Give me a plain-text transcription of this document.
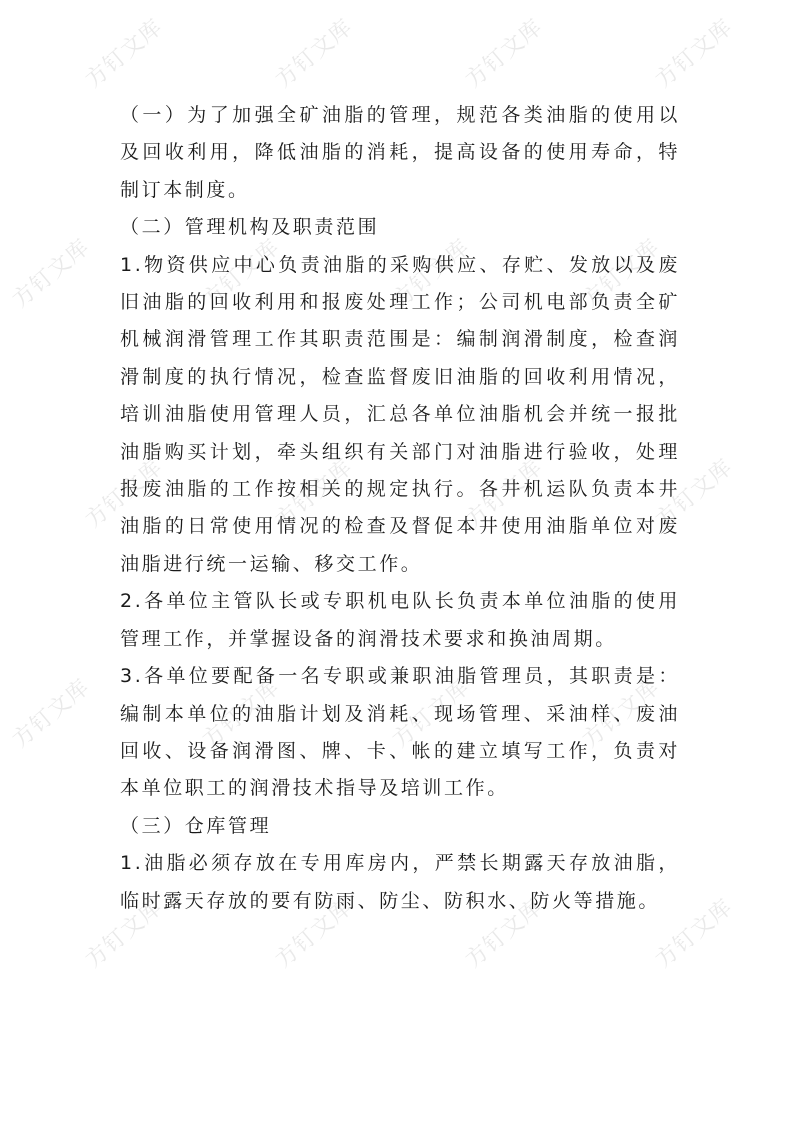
方钉文库	方钉文库	方钉文库	方钉文库
方钉文库	方钉文库	方钉文库	方钉文库
方钉文库	方钉文库	方钉文库	方钉文库
方钉文库	方钉文库	方钉文库	方钉文库
方钉文库	方钉文库	方钉文库	方钉文库

（一）为了加强全矿油脂的管理，规范各类油脂的使用以及回收利用，降低油脂的消耗，提高设备的使用寿命，特制订本制度。

（二）管理机构及职责范围

1.物资供应中心负责油脂的采购供应、存贮、发放以及废旧油脂的回收利用和报废处理工作；公司机电部负责全矿机械润滑管理工作其职责范围是：编制润滑制度，检查润滑制度的执行情况，检查监督废旧油脂的回收利用情况，培训油脂使用管理人员，汇总各单位油脂机会并统一报批油脂购买计划，牵头组织有关部门对油脂进行验收，处理报废油脂的工作按相关的规定执行。各井机运队负责本井油脂的日常使用情况的检查及督促本井使用油脂单位对废油脂进行统一运输、移交工作。

2.各单位主管队长或专职机电队长负责本单位油脂的使用管理工作，并掌握设备的润滑技术要求和换油周期。

3.各单位要配备一名专职或兼职油脂管理员，其职责是：编制本单位的油脂计划及消耗、现场管理、采油样、废油回收、设备润滑图、牌、卡、帐的建立填写工作，负责对本单位职工的润滑技术指导及培训工作。

（三）仓库管理

1.油脂必须存放在专用库房内，严禁长期露天存放油脂，临时露天存放的要有防雨、防尘、防积水、防火等措施。
